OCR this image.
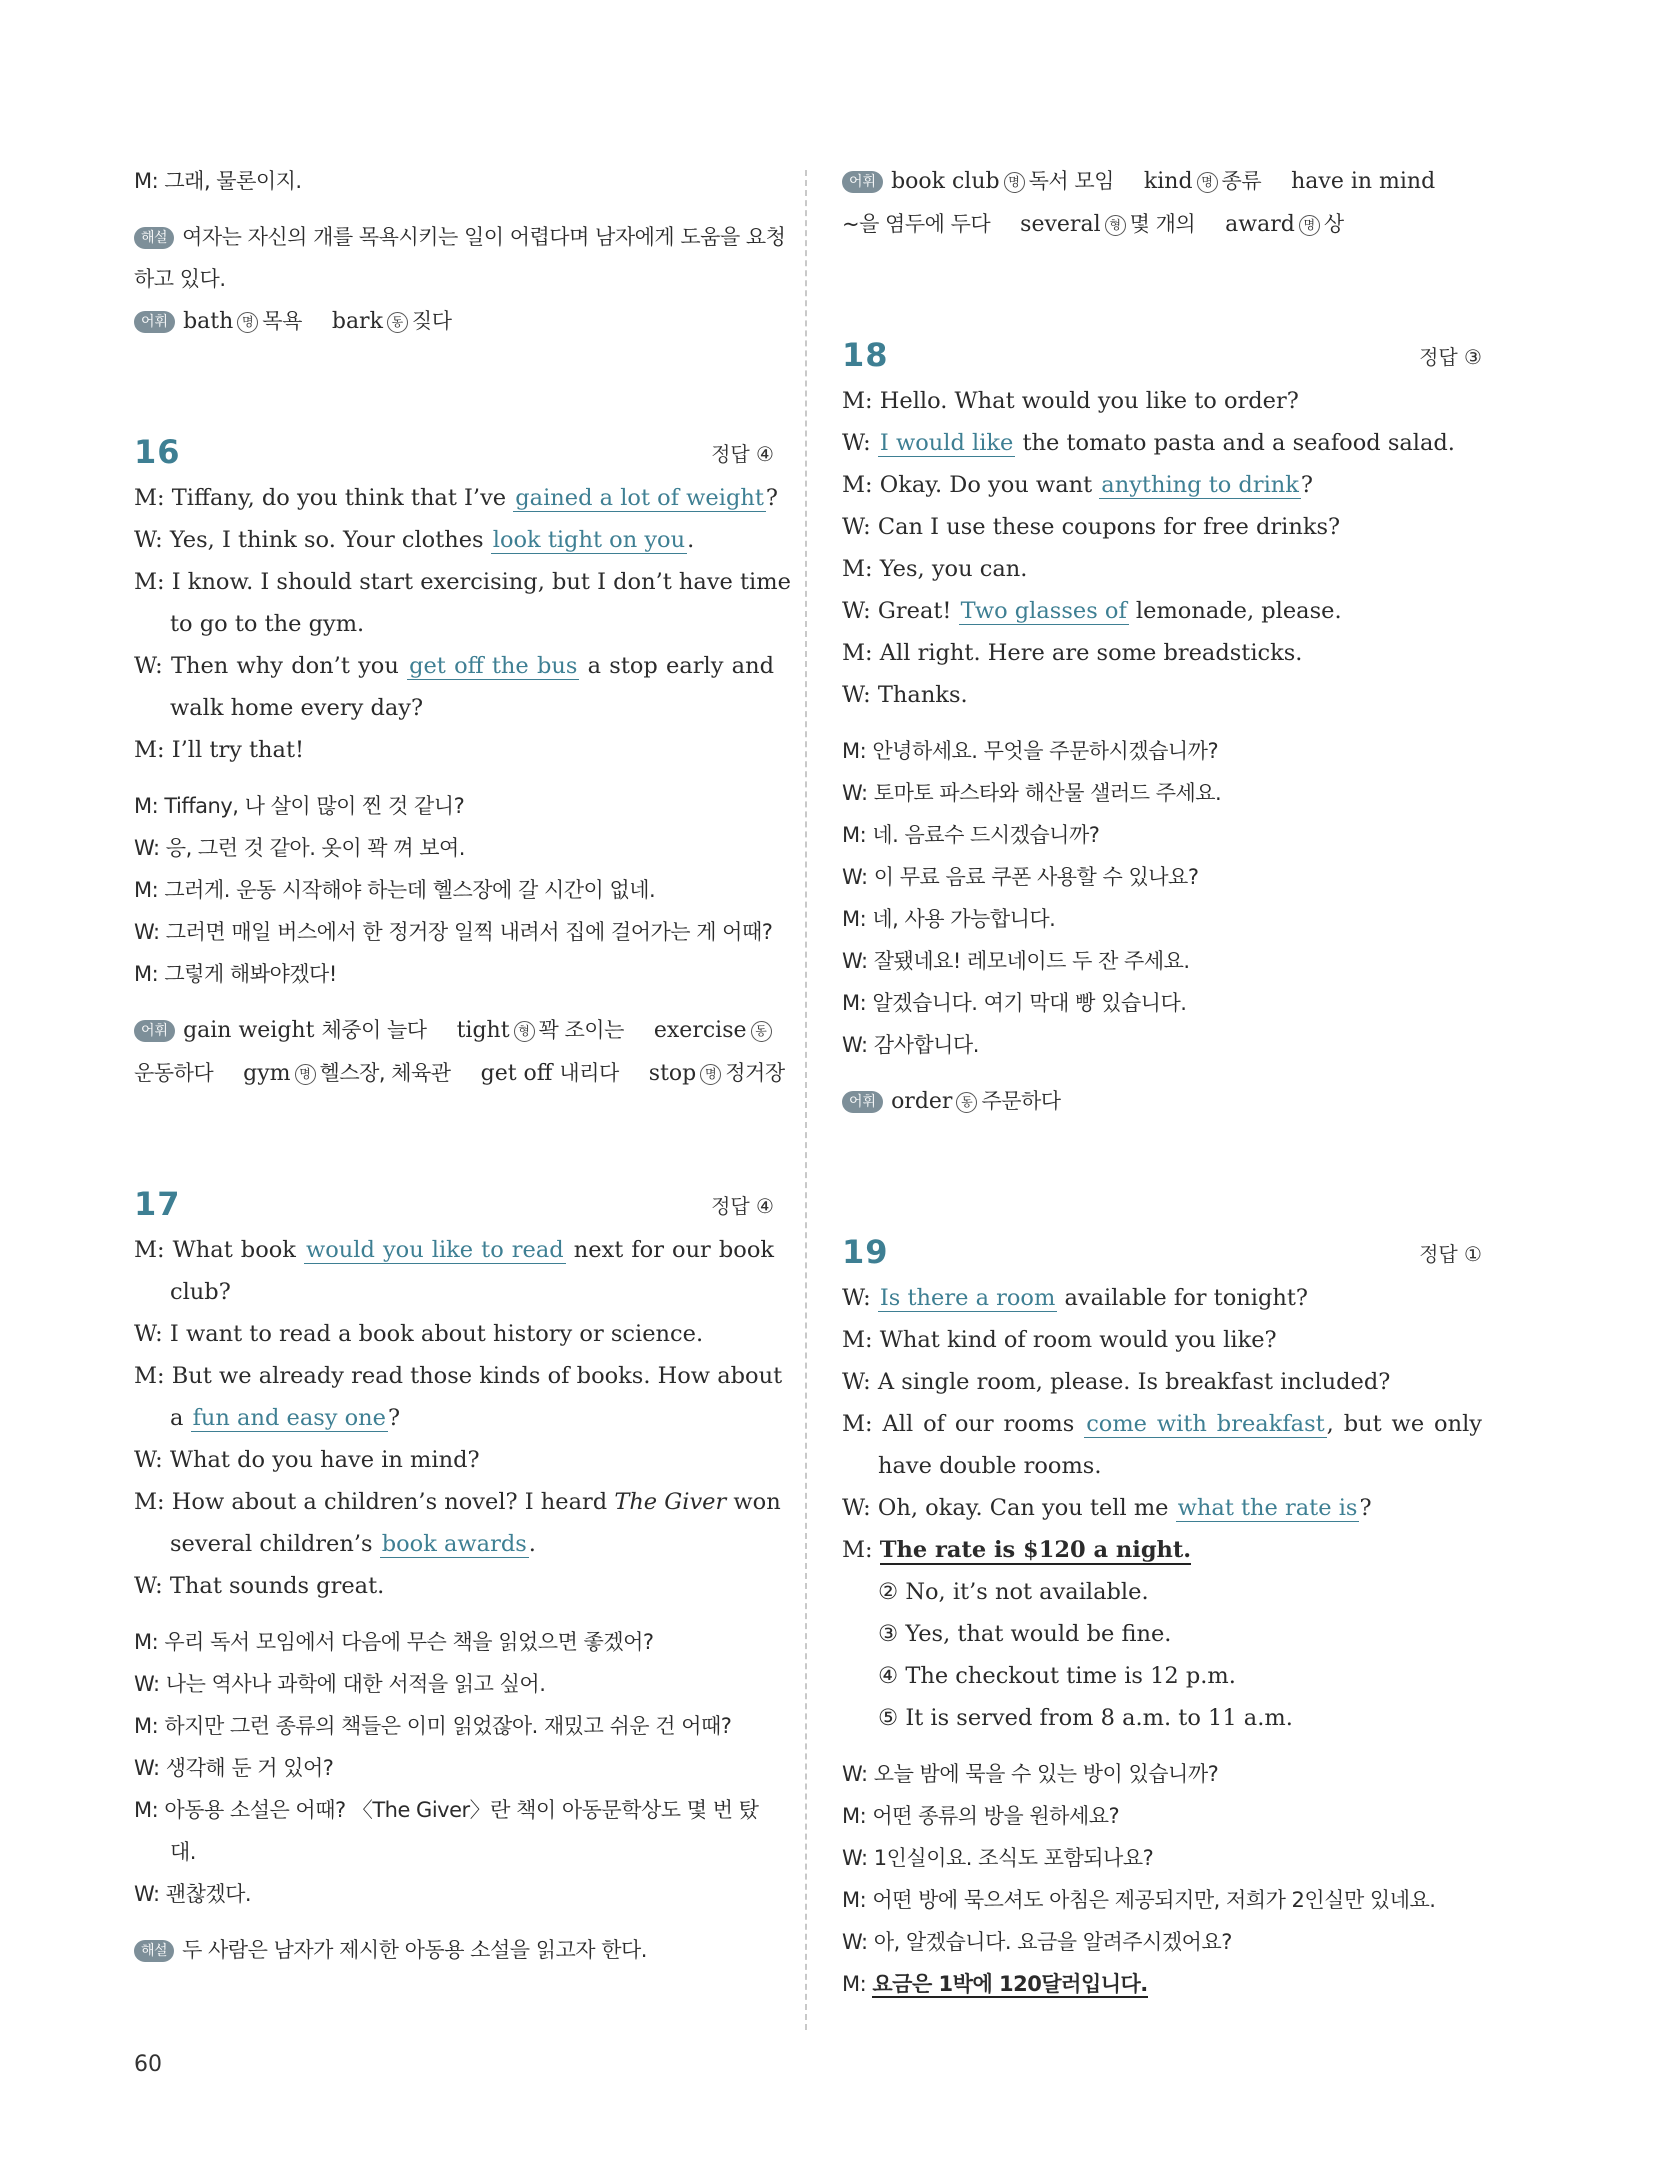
M: 그래, 물론이지.
해설 여자는 자신의 개를 목욕시키는 일이 어렵다며 남자에게 도움을 요청
하고 있다.
어휘 bath 명 목욕 bark 동 짖다
16	정답 ④
M: Tiffany, do you think that I’ve gained a lot of weight?
W: Yes, I think so. Your clothes look tight on you.
M: I know. I should start exercising, but I don’t have time
to go to the gym.
W: Then why don’t you get off the bus a stop early and
walk home every day?
M: I’ll try that!
M: Tiffany, 나 살이 많이 찐 것 같니?
W: 응, 그런 것 같아. 옷이 꽉 껴 보여.
M: 그러게. 운동 시작해야 하는데 헬스장에 갈 시간이 없네.
W: 그러면 매일 버스에서 한 정거장 일찍 내려서 집에 걸어가는 게 어때?
M: 그렇게 해봐야겠다!
어휘 gain weight 체중이 늘다 tight 형 꽉 조이는 exercise 동
운동하다 gym 명 헬스장, 체육관 get off 내리다 stop 명 정거장
17	정답 ④
M: What book would you like to read next for our book
club?
W: I want to read a book about history or science.
M: But we already read those kinds of books. How about
a fun and easy one?
W: What do you have in mind?
M: How about a children’s novel? I heard The Giver won
several children’s book awards.
W: That sounds great.
M: 우리 독서 모임에서 다음에 무슨 책을 읽었으면 좋겠어?
W: 나는 역사나 과학에 대한 서적을 읽고 싶어.
M: 하지만 그런 종류의 책들은 이미 읽었잖아. 재밌고 쉬운 건 어때?
W: 생각해 둔 거 있어?
M: 아동용 소설은 어때? 〈The Giver〉란 책이 아동문학상도 몇 번 탔
대.
W: 괜찮겠다.
해설 두 사람은 남자가 제시한 아동용 소설을 읽고자 한다.
어휘 book club 명 독서 모임 kind 명 종류 have in mind
~을 염두에 두다 several 형 몇 개의 award 명 상
18	정답 ③
M: Hello. What would you like to order?
W: I would like the tomato pasta and a seafood salad.
M: Okay. Do you want anything to drink?
W: Can I use these coupons for free drinks?
M: Yes, you can.
W: Great! Two glasses of lemonade, please.
M: All right. Here are some breadsticks.
W: Thanks.
M: 안녕하세요. 무엇을 주문하시겠습니까?
W: 토마토 파스타와 해산물 샐러드 주세요.
M: 네. 음료수 드시겠습니까?
W: 이 무료 음료 쿠폰 사용할 수 있나요?
M: 네, 사용 가능합니다.
W: 잘됐네요! 레모네이드 두 잔 주세요.
M: 알겠습니다. 여기 막대 빵 있습니다.
W: 감사합니다.
어휘 order 동 주문하다
19	정답 ①
W: Is there a room available for tonight?
M: What kind of room would you like?
W: A single room, please. Is breakfast included?
M: All of our rooms come with breakfast, but we only
have double rooms.
W: Oh, okay. Can you tell me what the rate is?
M: The rate is $120 a night.
② No, it’s not available.
③ Yes, that would be fine.
④ The checkout time is 12 p.m.
⑤ It is served from 8 a.m. to 11 a.m.
W: 오늘 밤에 묵을 수 있는 방이 있습니까?
M: 어떤 종류의 방을 원하세요?
W: 1인실이요. 조식도 포함되나요?
M: 어떤 방에 묵으셔도 아침은 제공되지만, 저희가 2인실만 있네요.
W: 아, 알겠습니다. 요금을 알려주시겠어요?
M: 요금은 1박에 120달러입니다.
60
